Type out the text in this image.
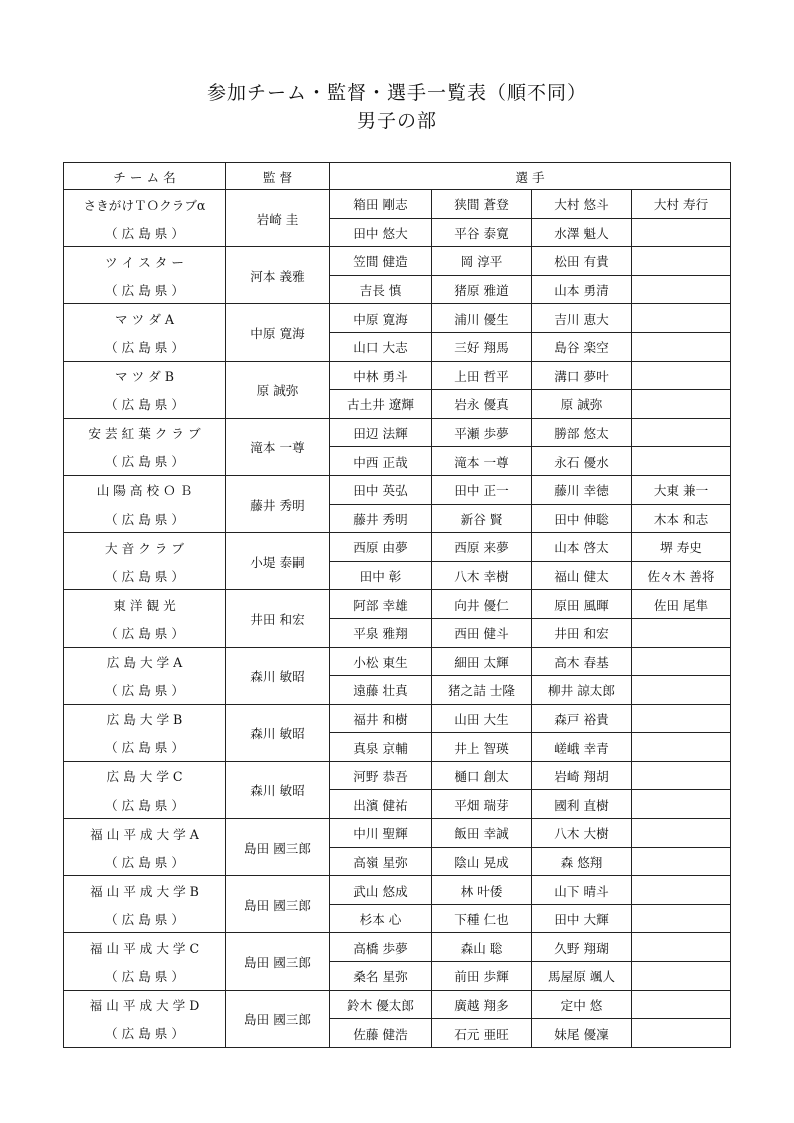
参加チーム・監督・選手一覧表（順不同）
男子の部
チ ー ム 名	監 督	選 手			
さきがけＴＯクラブα	岩崎 圭	箱田 剛志	狭間 蒼登	大村 悠斗	大村 寿行
（ 広 島 県 ）		田中 悠大	平谷 泰寛	水澤 魁人	
ツ イ ス タ ー	河本 義雅	笠間 健造	岡 淳平	松田 有貴	
（ 広 島 県 ）		吉長 慎	猪原 雅道	山本 勇清	
マ ツ ダ A	中原 寛海	中原 寛海	浦川 優生	吉川 恵大	
（ 広 島 県 ）		山口 大志	三好 翔馬	島谷 楽空	
マ ツ ダ B	原 誠弥	中林 勇斗	上田 哲平	溝口 夢叶	
（ 広 島 県 ）		古土井 遼輝	岩永 優真	原 誠弥	
安 芸 紅 葉 ク ラ ブ	滝本 一尊	田辺 法輝	平瀬 歩夢	勝部 悠太	
（ 広 島 県 ）		中西 正哉	滝本 一尊	永石 優水	
山 陽 高 校 Ｏ Ｂ	藤井 秀明	田中 英弘	田中 正一	藤川 幸徳	大東 兼一
（ 広 島 県 ）		藤井 秀明	新谷 賢	田中 伸聡	木本 和志
大 音 ク ラ ブ	小堤 泰嗣	西原 由夢	西原 来夢	山本 啓太	堺 寿史
（ 広 島 県 ）		田中 彰	八木 幸樹	福山 健太	佐々木 善将
東 洋 観 光	井田 和宏	阿部 幸雄	向井 優仁	原田 風暉	佐田 尾隼
（ 広 島 県 ）		平泉 雅翔	西田 健斗	井田 和宏	
広 島 大 学 A	森川 敏昭	小松 東生	細田 太輝	高木 春基	
（ 広 島 県 ）		遠藤 壮真	猪之詰 士隆	柳井 諒太郎	
広 島 大 学 B	森川 敏昭	福井 和樹	山田 大生	森戸 裕貴	
（ 広 島 県 ）		真泉 京輔	井上 智瑛	嵯峨 幸青	
広 島 大 学 C	森川 敏昭	河野 恭吾	樋口 創太	岩崎 翔胡	
（ 広 島 県 ）		出濱 健祐	平畑 瑞芽	國利 直樹	
福 山 平 成 大 学 A	島田 國三郎	中川 聖輝	飯田 幸誠	八木 大樹	
（ 広 島 県 ）		高嶺 星弥	陰山 晃成	森 悠翔	
福 山 平 成 大 学 B	島田 國三郎	武山 悠成	林 叶倭	山下 晴斗	
（ 広 島 県 ）		杉本 心	下種 仁也	田中 大輝	
福 山 平 成 大 学 C	島田 國三郎	高橋 歩夢	森山 聡	久野 翔瑚	
（ 広 島 県 ）		桑名 星弥	前田 歩輝	馬屋原 颯人	
福 山 平 成 大 学 D	島田 國三郎	鈴木 優太郎	廣越 翔多	定中 悠	
（ 広 島 県 ）		佐藤 健浩	石元 亜旺	妹尾 優凜	
